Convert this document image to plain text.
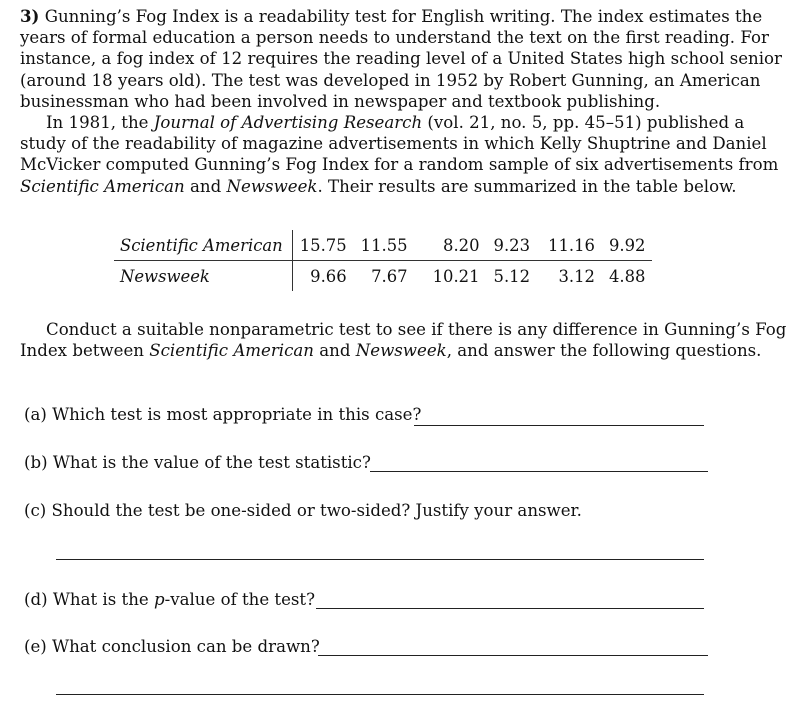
3) Gunning’s Fog Index is a readability test for English writing. The index estimates the
years of formal education a person needs to understand the text on the first reading. For
instance, a fog index of 12 requires the reading level of a United States high school senior
(around 18 years old). The test was developed in 1952 by Robert Gunning, an American
businessman who had been involved in newspaper and textbook publishing.
In 1981, the Journal of Advertising Research (vol. 21, no. 5, pp. 45–51) published a
study of the readability of magazine advertisements in which Kelly Shuptrine and Daniel
McVicker computed Gunning’s Fog Index for a random sample of six advertisements from
Scientific American and Newsweek. Their results are summarized in the table below.
Scientific American	15.75	11.55	8.20	9.23	11.16	9.92
Newsweek	9.66	7.67	10.21	5.12	3.12	4.88
Conduct a suitable nonparametric test to see if there is any difference in Gunning’s Fog
Index between Scientific American and Newsweek, and answer the following questions.
(a) Which test is most appropriate in this case?
(b) What is the value of the test statistic?
(c) Should the test be one-sided or two-sided? Justify your answer.
(d) What is the p-value of the test?
(e) What conclusion can be drawn?
